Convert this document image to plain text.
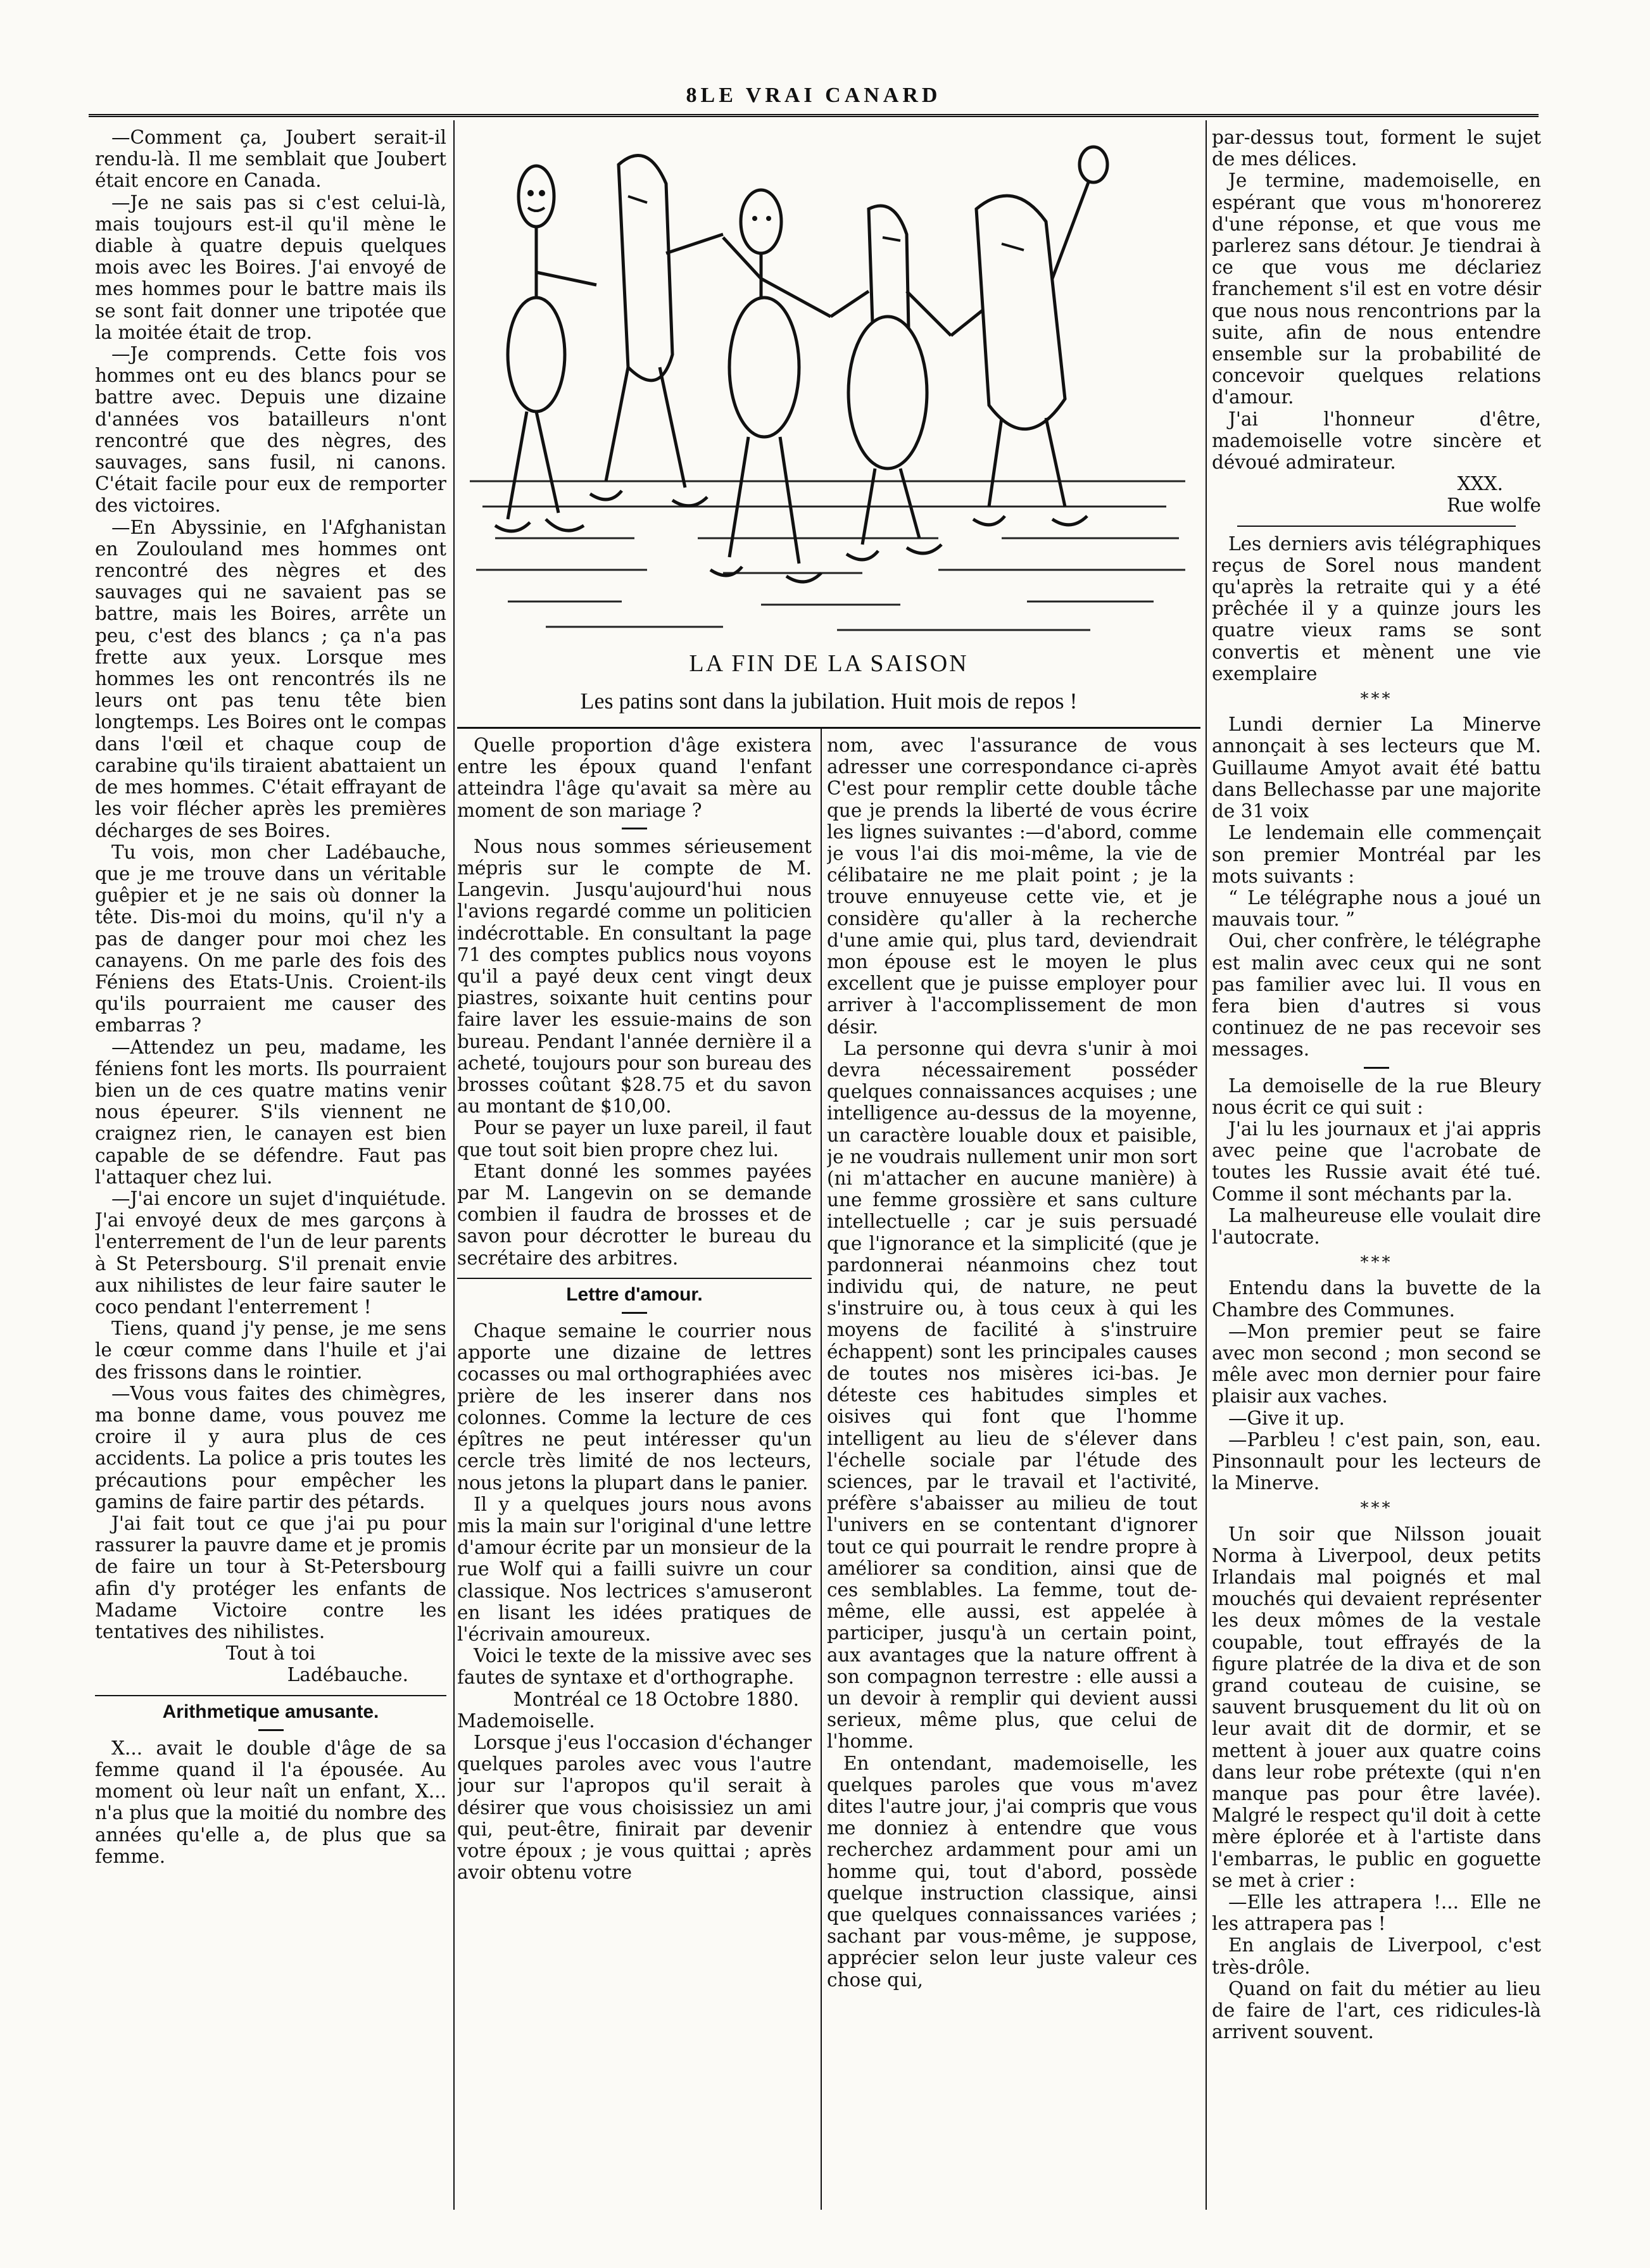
8LE VRAI CANARD

—Comment ça, Joubert serait-il rendu-là. Il me semblait que Joubert était encore en Canada.

—Je ne sais pas si c'est celui-là, mais toujours est-il qu'il mène le diable à quatre depuis quelques mois avec les Boires. J'ai envoyé de mes hommes pour le battre mais ils se sont fait donner une tripotée que la moitée était de trop.

—Je comprends. Cette fois vos hommes ont eu des blancs pour se battre avec. Depuis une dizaine d'années vos batailleurs n'ont rencontré que des nègres, des sauvages, sans fusil, ni canons. C'était facile pour eux de remporter des victoires.

—En Abyssinie, en l'Afghanistan en Zoulouland mes hommes ont rencontré des nègres et des sauvages qui ne savaient pas se battre, mais les Boires, arrête un peu, c'est des blancs ; ça n'a pas frette aux yeux. Lorsque mes hommes les ont rencontrés ils ne leurs ont pas tenu tête bien longtemps. Les Boires ont le compas dans l'œil et chaque coup de carabine qu'ils tiraient abattaient un de mes hommes. C'était effrayant de les voir flécher après les premières décharges de ses Boires.

Tu vois, mon cher Ladébauche, que je me trouve dans un véritable guêpier et je ne sais où donner la tête. Dis-moi du moins, qu'il n'y a pas de danger pour moi chez les canayens. On me parle des fois des Féniens des Etats-Unis. Croient-ils qu'ils pourraient me causer des embarras ?

—Attendez un peu, madame, les féniens font les morts. Ils pourraient bien un de ces quatre matins venir nous épeurer. S'ils viennent ne craignez rien, le canayen est bien capable de se défendre. Faut pas l'attaquer chez lui.

—J'ai encore un sujet d'inquiétude. J'ai envoyé deux de mes garçons à l'enterrement de l'un de leur parents à St Petersbourg. S'il prenait envie aux nihilistes de leur faire sauter le coco pendant l'enterrement !

Tiens, quand j'y pense, je me sens le cœur comme dans l'huile et j'ai des frissons dans le rointier.

—Vous vous faites des chimègres, ma bonne dame, vous pouvez me croire il y aura plus de ces accidents. La police a pris toutes les précautions pour empêcher les gamins de faire partir des pétards.

J'ai fait tout ce que j'ai pu pour rassurer la pauvre dame et je promis de faire un tour à St-Petersbourg afin d'y protéger les enfants de Madame Victoire contre les tentatives des nihilistes.

Tout à toi

Ladébauche.

Arithmetique amusante.

X... avait le double d'âge de sa femme quand il l'a épousée. Au moment où leur naît un enfant, X... n'a plus que la moitié du nombre des années qu'elle a, de plus que sa femme.

LA FIN DE LA SAISON
Les patins sont dans la jubilation. Huit mois de repos !

Quelle proportion d'âge existera entre les époux quand l'enfant atteindra l'âge qu'avait sa mère au moment de son mariage ?

Nous nous sommes sérieusement mépris sur le compte de M. Langevin. Jusqu'aujourd'hui nous l'avions regardé comme un politicien indécrottable. En consultant la page 71 des comptes publics nous voyons qu'il a payé deux cent vingt deux piastres, soixante huit centins pour faire laver les essuie-mains de son bureau. Pendant l'année dernière il a acheté, toujours pour son bureau des brosses coûtant $28.75 et du savon au montant de $10,00.

Pour se payer un luxe pareil, il faut que tout soit bien propre chez lui.

Etant donné les sommes payées par M. Langevin on se demande combien il faudra de brosses et de savon pour décrotter le bureau du secrétaire des arbitres.

Lettre d'amour.

Chaque semaine le courrier nous apporte une dizaine de lettres cocasses ou mal orthographiées avec prière de les inserer dans nos colonnes. Comme la lecture de ces épîtres ne peut intéresser qu'un cercle très limité de nos lecteurs, nous jetons la plupart dans le panier.

Il y a quelques jours nous avons mis la main sur l'original d'une lettre d'amour écrite par un monsieur de la rue Wolf qui a failli suivre un cour classique. Nos lectrices s'amuseront en lisant les idées pratiques de l'écrivain amoureux.

Voici le texte de la missive avec ses fautes de syntaxe et d'orthographe.

Montréal ce 18 Octobre 1880.

Mademoiselle.

Lorsque j'eus l'occasion d'échanger quelques paroles avec vous l'autre jour sur l'apropos qu'il serait à désirer que vous choisissiez un ami qui, peut-être, finirait par devenir votre époux ; je vous quittai ; après avoir obtenu votre

nom, avec l'assurance de vous adresser une correspondance ci-après C'est pour remplir cette double tâche que je prends la liberté de vous écrire les lignes suivantes :—d'abord, comme je vous l'ai dis moi-même, la vie de célibataire ne me plait point ; je la trouve ennuyeuse cette vie, et je considère qu'aller à la recherche d'une amie qui, plus tard, deviendrait mon épouse est le moyen le plus excellent que je puisse employer pour arriver à l'accomplissement de mon désir.

La personne qui devra s'unir à moi devra nécessairement posséder quelques connaissances acquises ; une intelligence au-dessus de la moyenne, un caractère louable doux et paisible, je ne voudrais nullement unir mon sort (ni m'attacher en aucune manière) à une femme grossière et sans culture intellectuelle ; car je suis persuadé que l'ignorance et la simplicité (que je pardonnerai néanmoins chez tout individu qui, de nature, ne peut s'instruire ou, à tous ceux à qui les moyens de facilité à s'instruire échappent) sont les principales causes de toutes nos misères ici-bas. Je déteste ces habitudes simples et oisives qui font que l'homme intelligent au lieu de s'élever dans l'échelle sociale par l'étude des sciences, par le travail et l'activité, préfère s'abaisser au milieu de tout l'univers en se contentant d'ignorer tout ce qui pourrait le rendre propre à améliorer sa condition, ainsi que de ces semblables. La femme, tout de-même, elle aussi, est appelée à participer, jusqu'à un certain point, aux avantages que la nature offrent à son compagnon terrestre : elle aussi a un devoir à remplir qui devient aussi serieux, même plus, que celui de l'homme.

En ontendant, mademoiselle, les quelques paroles que vous m'avez dites l'autre jour, j'ai compris que vous me donniez à entendre que vous recherchez ardamment pour ami un homme qui, tout d'abord, possède quelque instruction classique, ainsi que quelques connaissances variées ; sachant par vous-même, je suppose, apprécier selon leur juste valeur ces chose qui,

par-dessus tout, forment le sujet de mes délices.

Je termine, mademoiselle, en espérant que vous m'honorerez d'une réponse, et que vous me parlerez sans détour. Je tiendrai à ce que vous me déclariez franchement s'il est en votre désir que nous nous rencontrions par la suite, afin de nous entendre ensemble sur la probabilité de concevoir quelques relations d'amour.

J'ai l'honneur d'être, mademoiselle votre sincère et dévoué admirateur.

XXX.

Rue wolfe

Les derniers avis télégraphiques reçus de Sorel nous mandent qu'après la retraite qui y a été prêchée il y a quinze jours les quatre vieux rams se sont convertis et mènent une vie exemplaire

***

Lundi dernier La Minerve annonçait à ses lecteurs que M. Guillaume Amyot avait été battu dans Bellechasse par une majorite de 31 voix

Le lendemain elle commençait son premier Montréal par les mots suivants :

“ Le télégraphe nous a joué un mauvais tour. ”

Oui, cher confrère, le télégraphe est malin avec ceux qui ne sont pas familier avec lui. Il vous en fera bien d'autres si vous continuez de ne pas recevoir ses messages.

La demoiselle de la rue Bleury nous écrit ce qui suit :

J'ai lu les journaux et j'ai appris avec peine que l'acrobate de toutes les Russie avait été tué. Comme il sont méchants par la.

La malheureuse elle voulait dire l'autocrate.

***

Entendu dans la buvette de la Chambre des Communes.

—Mon premier peut se faire avec mon second ; mon second se mêle avec mon dernier pour faire plaisir aux vaches.

—Give it up.

—Parbleu ! c'est pain, son, eau. Pinsonnault pour les lecteurs de la Minerve.

***

Un soir que Nilsson jouait Norma à Liverpool, deux petits Irlandais mal poignés et mal mouchés qui devaient représenter les deux mômes de la vestale coupable, tout effrayés de la figure platrée de la diva et de son grand couteau de cuisine, se sauvent brusquement du lit où on leur avait dit de dormir, et se mettent à jouer aux quatre coins dans leur robe prétexte (qui n'en manque pas pour être lavée). Malgré le respect qu'il doit à cette mère éplorée et à l'artiste dans l'embarras, le public en goguette se met à crier :

—Elle les attrapera !... Elle ne les attrapera pas !

En anglais de Liverpool, c'est très-drôle.

Quand on fait du métier au lieu de faire de l'art, ces ridicules-là arrivent souvent.
